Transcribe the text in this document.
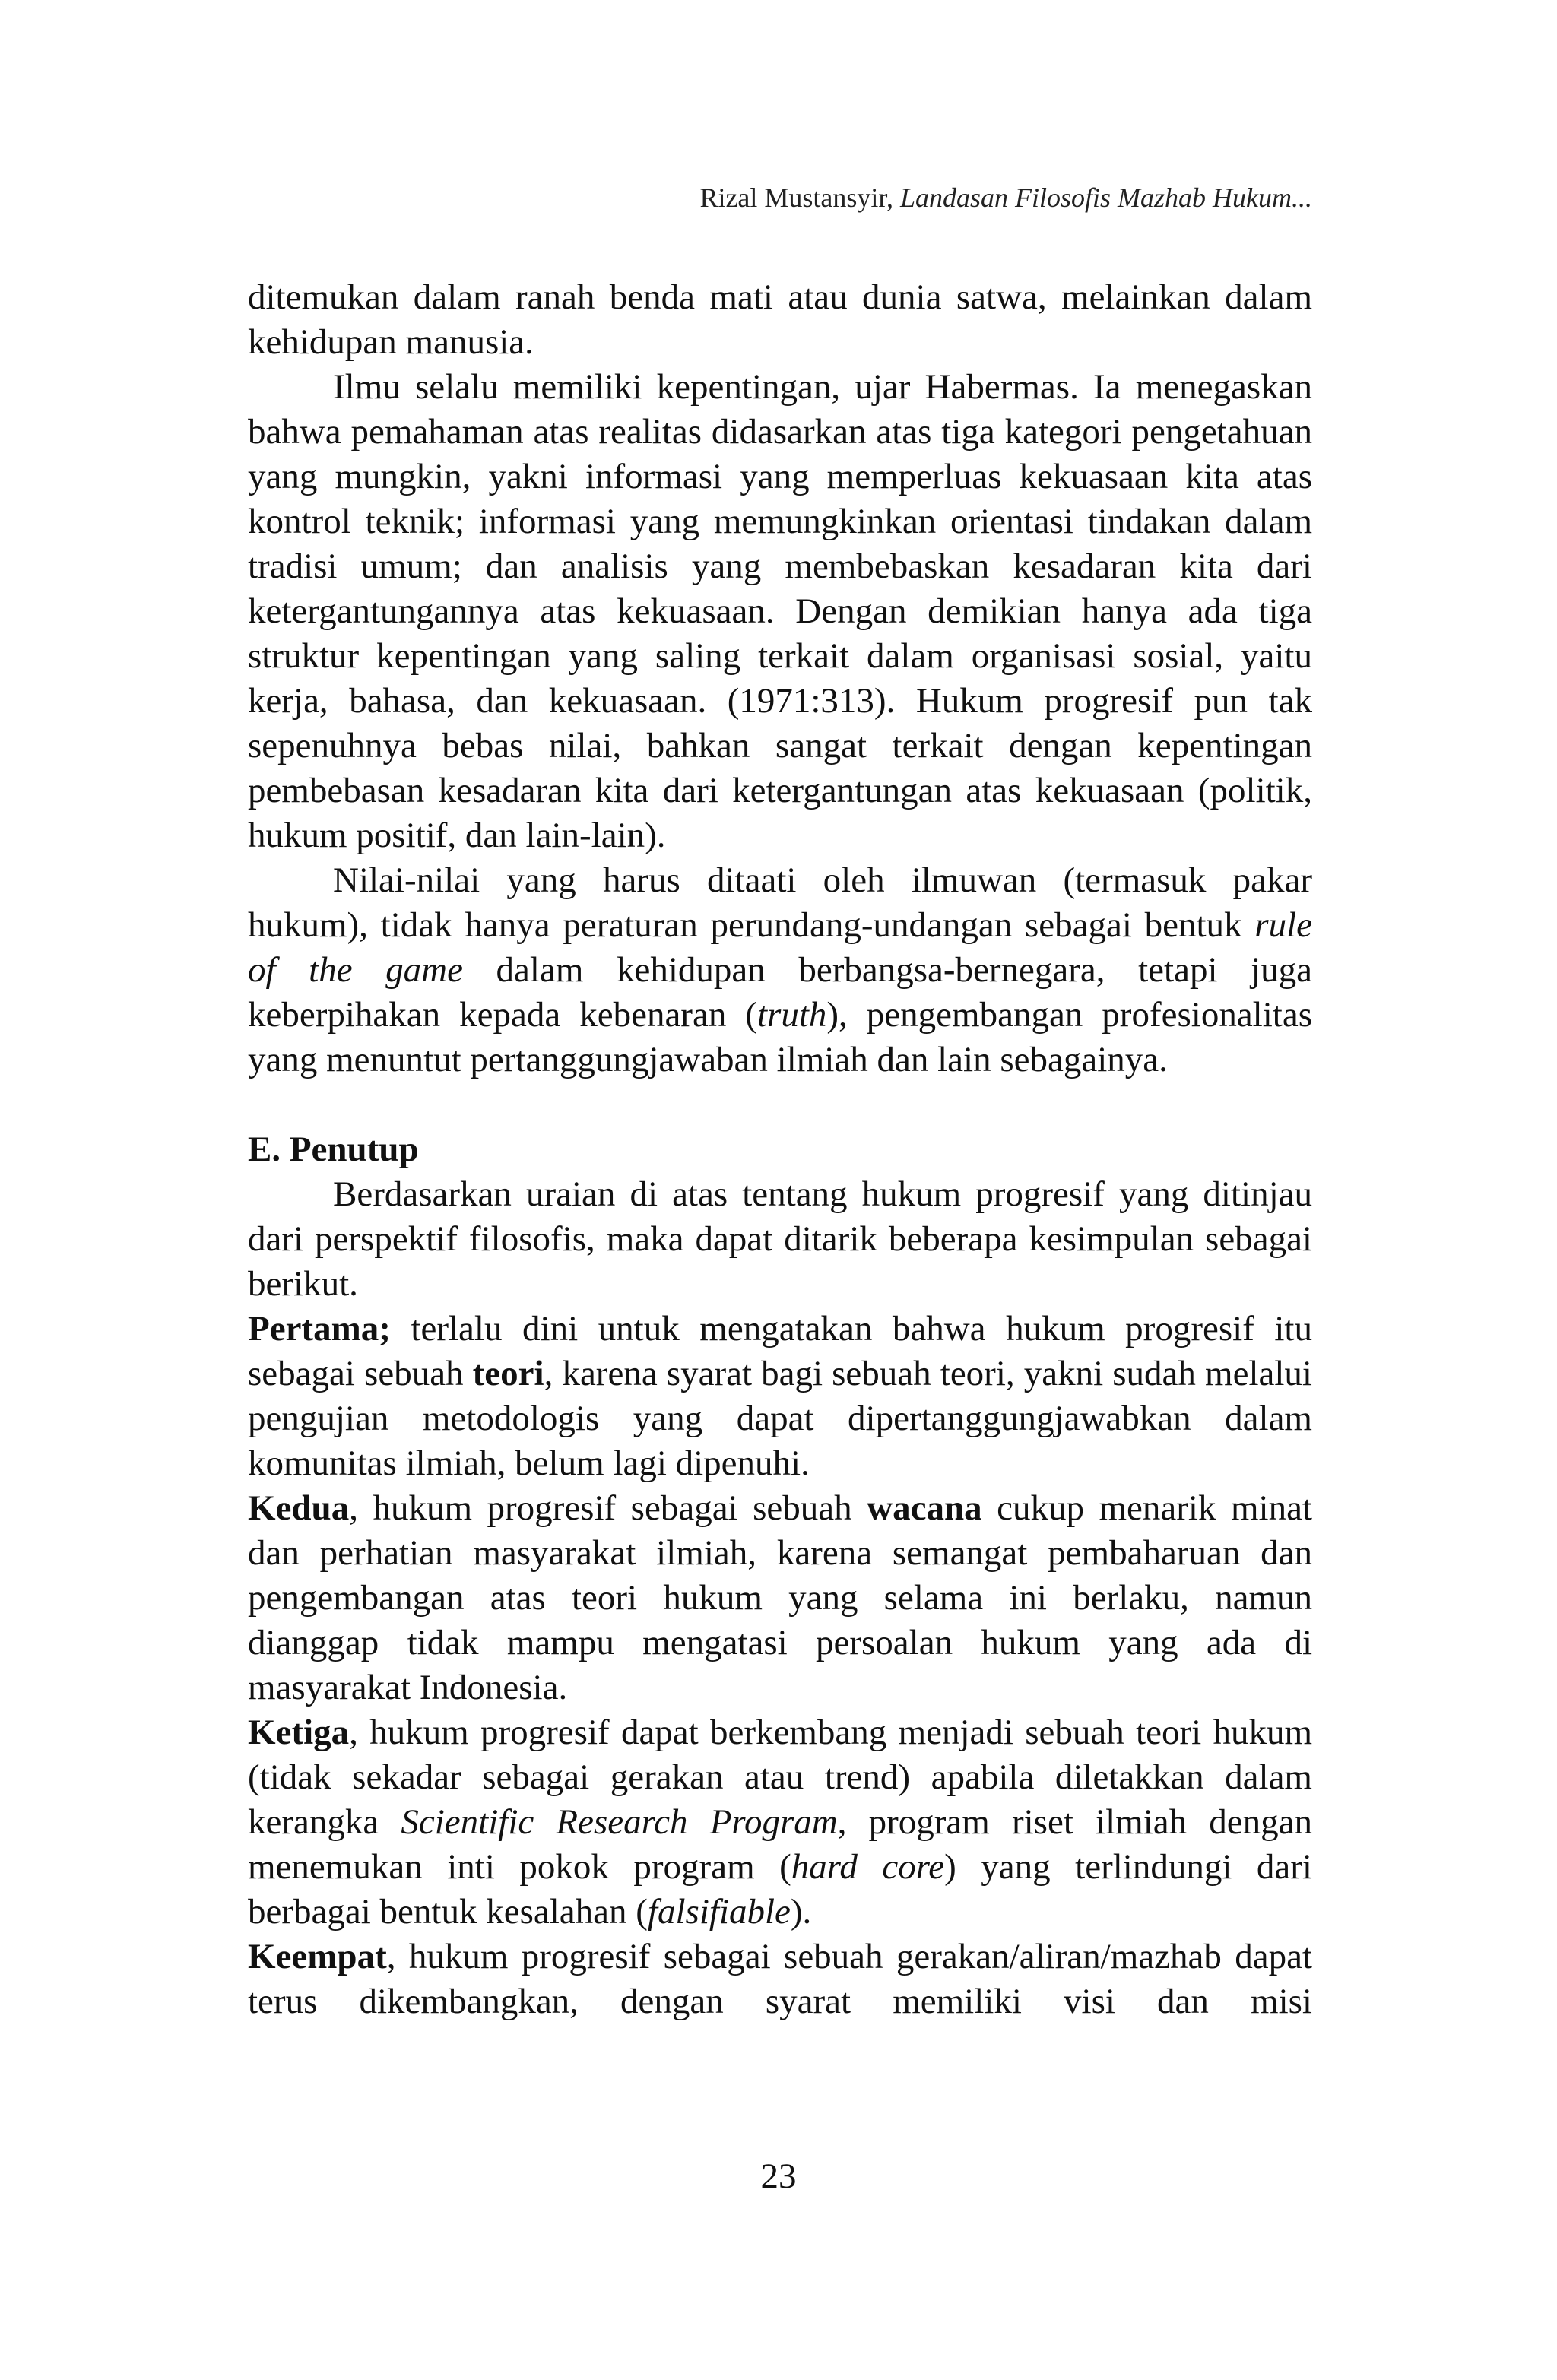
Rizal Mustansyir, Landasan Filosofis Mazhab Hukum...

ditemukan dalam ranah benda mati atau dunia satwa, melainkan dalam kehidupan manusia.

Ilmu selalu memiliki kepentingan, ujar Habermas. Ia menegaskan bahwa pemahaman atas realitas didasarkan atas tiga kategori pengetahuan yang mungkin, yakni informasi yang memperluas kekuasaan kita atas kontrol teknik; informasi yang memungkinkan orientasi tindakan dalam tradisi umum; dan analisis yang membebaskan kesadaran kita dari ketergantungannya atas kekuasaan. Dengan demikian hanya ada tiga struktur kepentingan yang saling terkait dalam organisasi sosial, yaitu kerja, bahasa, dan kekuasaan. (1971:313). Hukum progresif pun tak sepenuhnya bebas nilai, bahkan sangat terkait dengan kepentingan pembebasan kesadaran kita dari ketergantungan atas kekuasaan (politik, hukum positif, dan lain-lain).

Nilai-nilai yang harus ditaati oleh ilmuwan (termasuk pakar hukum), tidak hanya peraturan perundang-undangan sebagai bentuk rule of the game dalam kehidupan berbangsa-bernegara, tetapi juga keberpihakan kepada kebenaran (truth), pengembangan profesionalitas yang menuntut pertanggungjawaban ilmiah dan lain sebagainya.

E. Penutup

Berdasarkan uraian di atas tentang hukum progresif yang ditinjau dari perspektif filosofis, maka dapat ditarik beberapa kesimpulan sebagai berikut.

Pertama; terlalu dini untuk mengatakan bahwa hukum progresif itu sebagai sebuah teori, karena syarat bagi sebuah teori, yakni sudah melalui pengujian metodologis yang dapat dipertanggungjawabkan dalam komunitas ilmiah, belum lagi dipenuhi.

Kedua, hukum progresif sebagai sebuah wacana cukup menarik minat dan perhatian masyarakat ilmiah, karena semangat pembaharuan dan pengembangan atas teori hukum yang selama ini berlaku, namun dianggap tidak mampu mengatasi persoalan hukum yang ada di masyarakat Indonesia.

Ketiga, hukum progresif dapat berkembang menjadi sebuah teori hukum (tidak sekadar sebagai gerakan atau trend) apabila diletakkan dalam kerangka Scientific Research Program, program riset ilmiah dengan menemukan inti pokok program (hard core) yang terlindungi dari berbagai bentuk kesalahan (falsifiable).

Keempat, hukum progresif sebagai sebuah gerakan/aliran/mazhab dapat terus dikembangkan, dengan syarat memiliki visi dan misi

23
